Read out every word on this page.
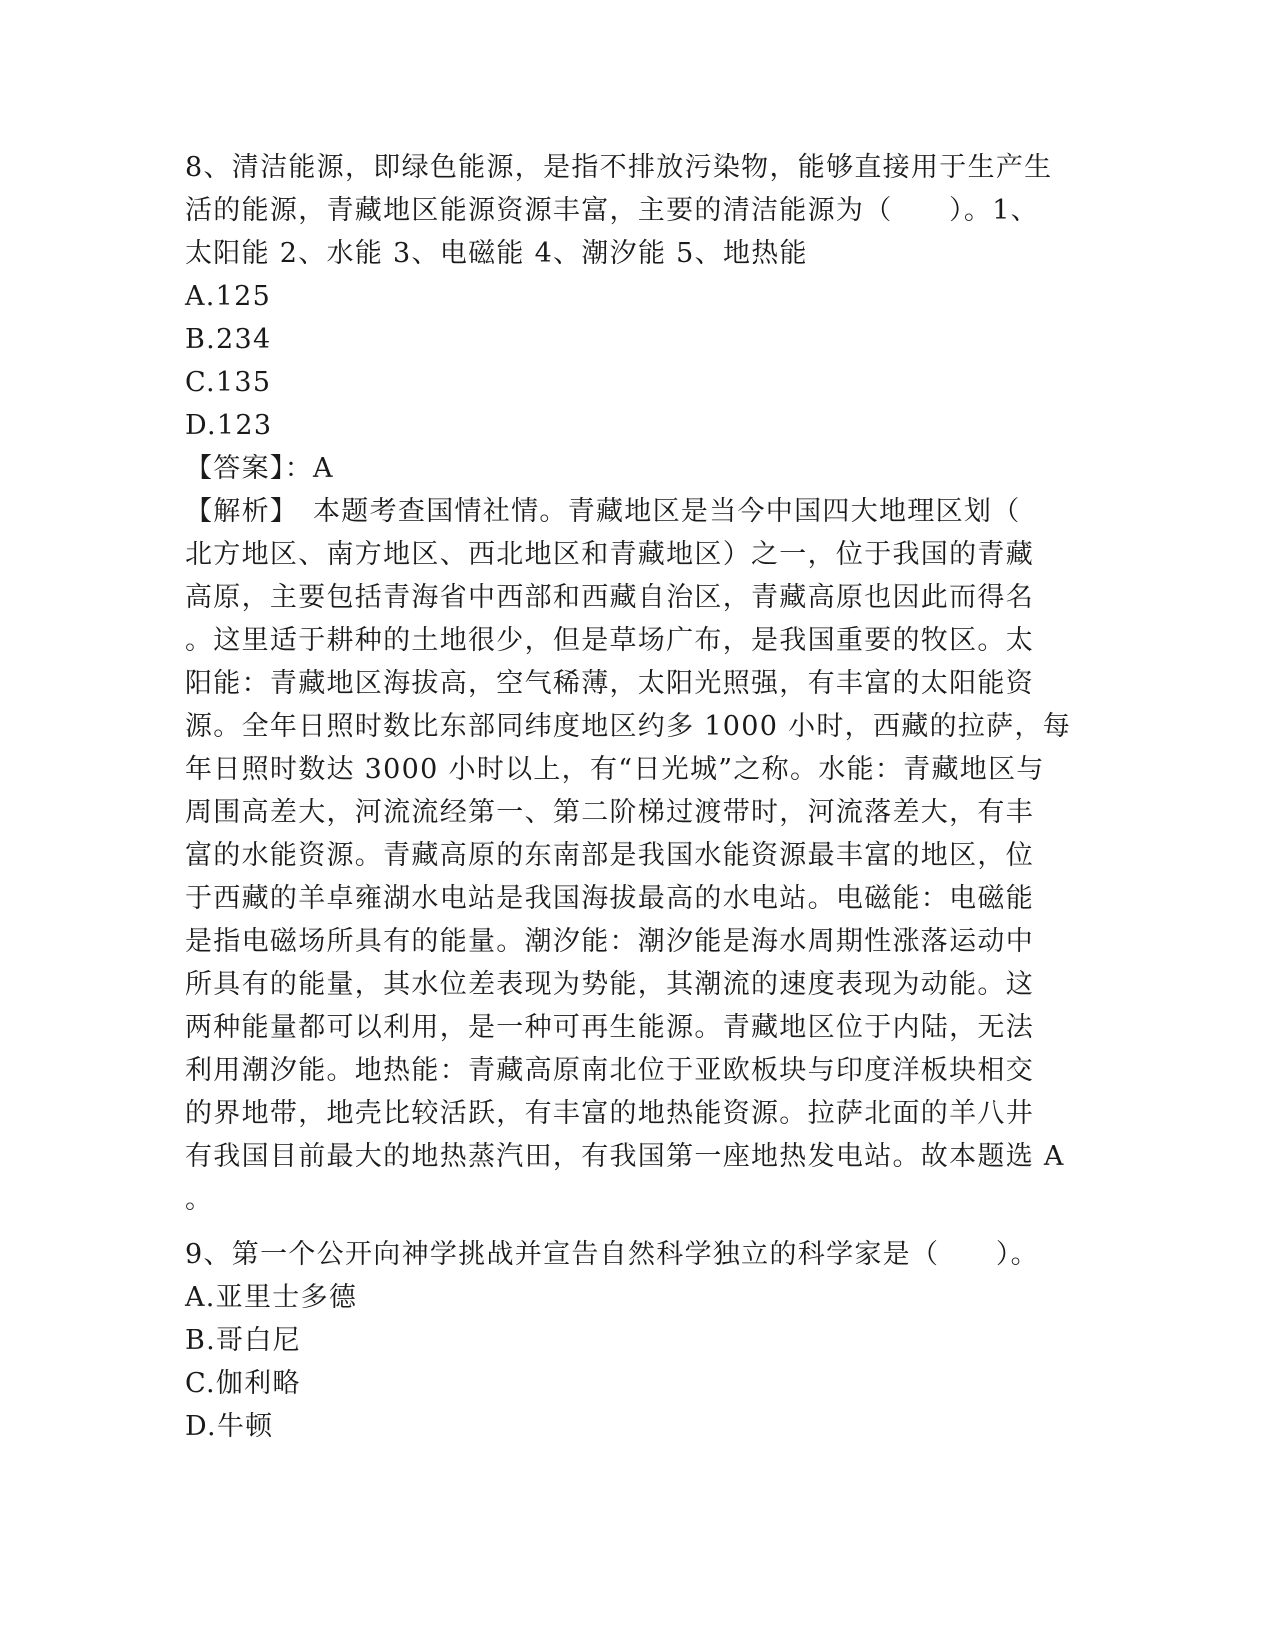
8、清洁能源，即绿色能源，是指不排放污染物，能够直接用于生产生
活的能源，青藏地区能源资源丰富，主要的清洁能源为（　　）。1、
太阳能 2、水能 3、电磁能 4、潮汐能 5、地热能
A.125
B.234
C.135
D.123
【答案】：A
【解析】　本题考查国情社情。青藏地区是当今中国四大地理区划（
北方地区、南方地区、西北地区和青藏地区）之一，位于我国的青藏
高原，主要包括青海省中西部和西藏自治区，青藏高原也因此而得名
。这里适于耕种的土地很少，但是草场广布，是我国重要的牧区。太
阳能：青藏地区海拔高，空气稀薄，太阳光照强，有丰富的太阳能资
源。全年日照时数比东部同纬度地区约多 1000 小时，西藏的拉萨，每
年日照时数达 3000 小时以上，有“日光城”之称。水能：青藏地区与
周围高差大，河流流经第一、第二阶梯过渡带时，河流落差大，有丰
富的水能资源。青藏高原的东南部是我国水能资源最丰富的地区，位
于西藏的羊卓雍湖水电站是我国海拔最高的水电站。电磁能：电磁能
是指电磁场所具有的能量。潮汐能：潮汐能是海水周期性涨落运动中
所具有的能量，其水位差表现为势能，其潮流的速度表现为动能。这
两种能量都可以利用，是一种可再生能源。青藏地区位于内陆，无法
利用潮汐能。地热能：青藏高原南北位于亚欧板块与印度洋板块相交
的界地带，地壳比较活跃，有丰富的地热能资源。拉萨北面的羊八井
有我国目前最大的地热蒸汽田，有我国第一座地热发电站。故本题选 A
。
9、第一个公开向神学挑战并宣告自然科学独立的科学家是（　　）。
A.亚里士多德
B.哥白尼
C.伽利略
D.牛顿
